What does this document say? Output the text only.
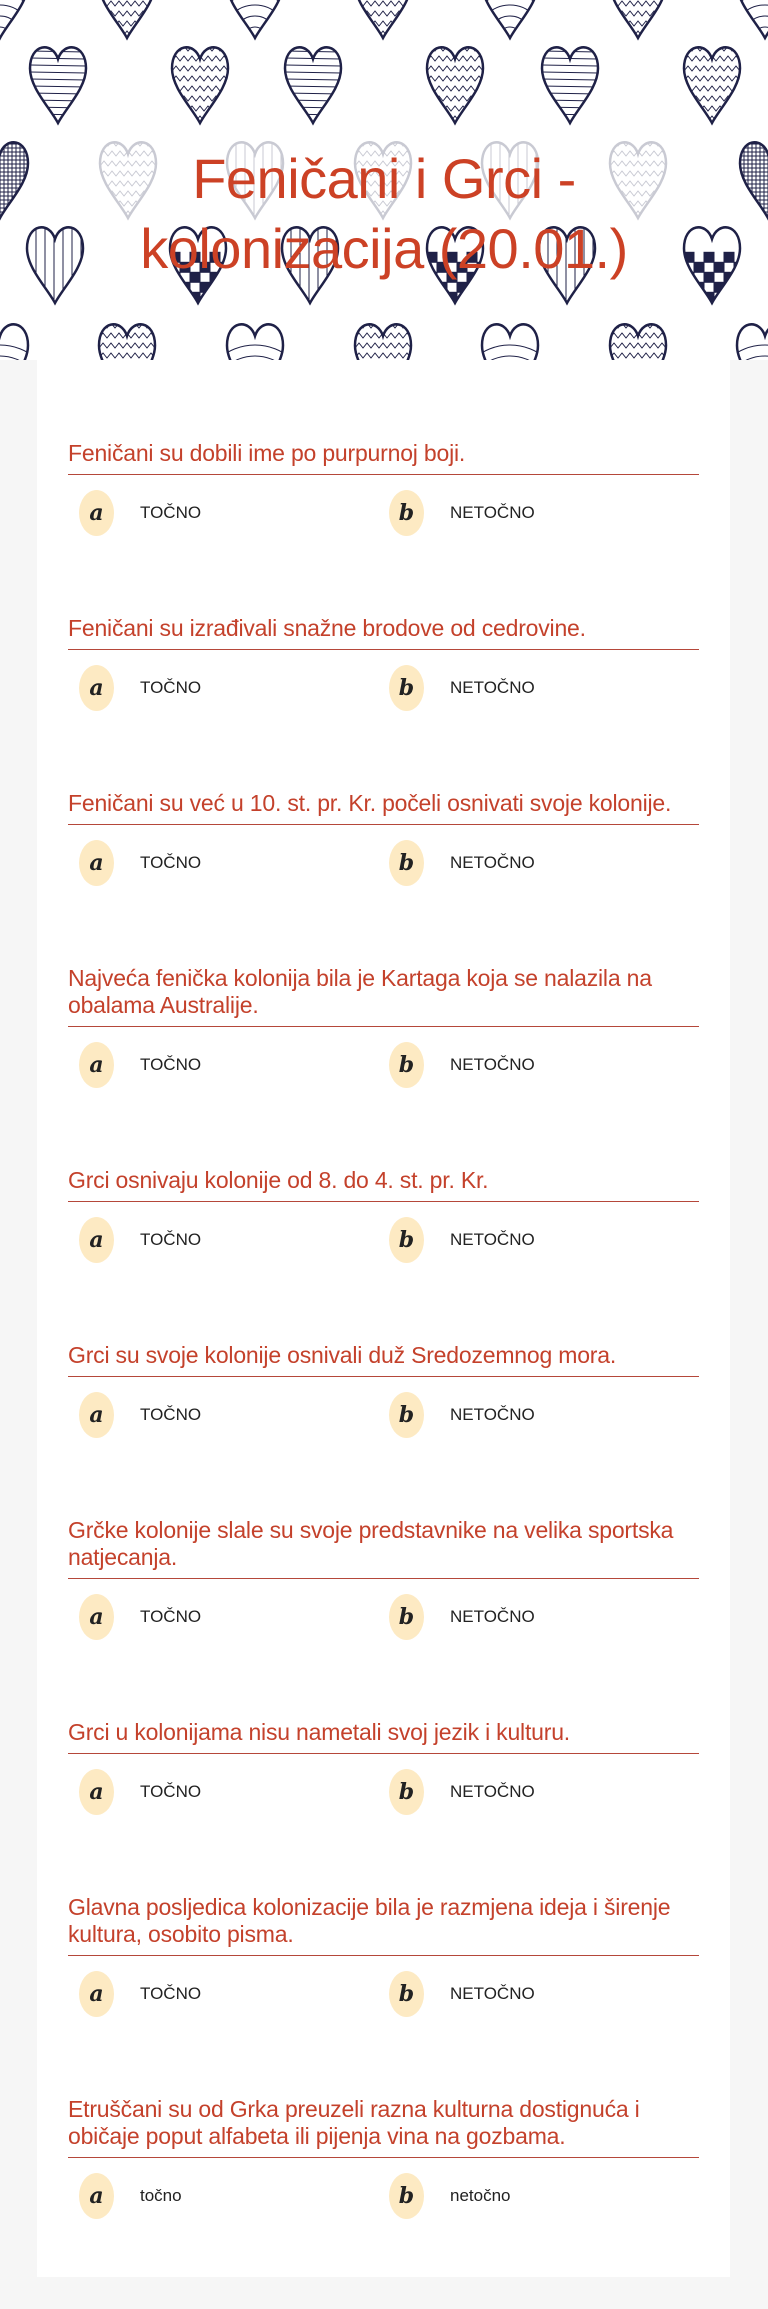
Feničani i Grci -
kolonizacija (20.01.)
Feničani su dobili ime po purpurnoj boji.
a	TOČNO	b	NETOČNO
Feničani su izrađivali snažne brodove od cedrovine.
a	TOČNO	b	NETOČNO
Feničani su već u 10. st. pr. Kr. počeli osnivati svoje kolonije.
a	TOČNO	b	NETOČNO
Najveća fenička kolonija bila je Kartaga koja se nalazila na obalama Australije.
a	TOČNO	b	NETOČNO
Grci osnivaju kolonije od 8. do 4. st. pr. Kr.
a	TOČNO	b	NETOČNO
Grci su svoje kolonije osnivali duž Sredozemnog mora.
a	TOČNO	b	NETOČNO
Grčke kolonije slale su svoje predstavnike na velika sportska natjecanja.
a	TOČNO	b	NETOČNO
Grci u kolonijama nisu nametali svoj jezik i kulturu.
a	TOČNO	b	NETOČNO
Glavna posljedica kolonizacije bila je razmjena ideja i širenje kultura, osobito pisma.
a	TOČNO	b	NETOČNO
Etruščani su od Grka preuzeli razna kulturna dostignuća i običaje poput alfabeta ili pijenja vina na gozbama.
a	točno	b	netočno
